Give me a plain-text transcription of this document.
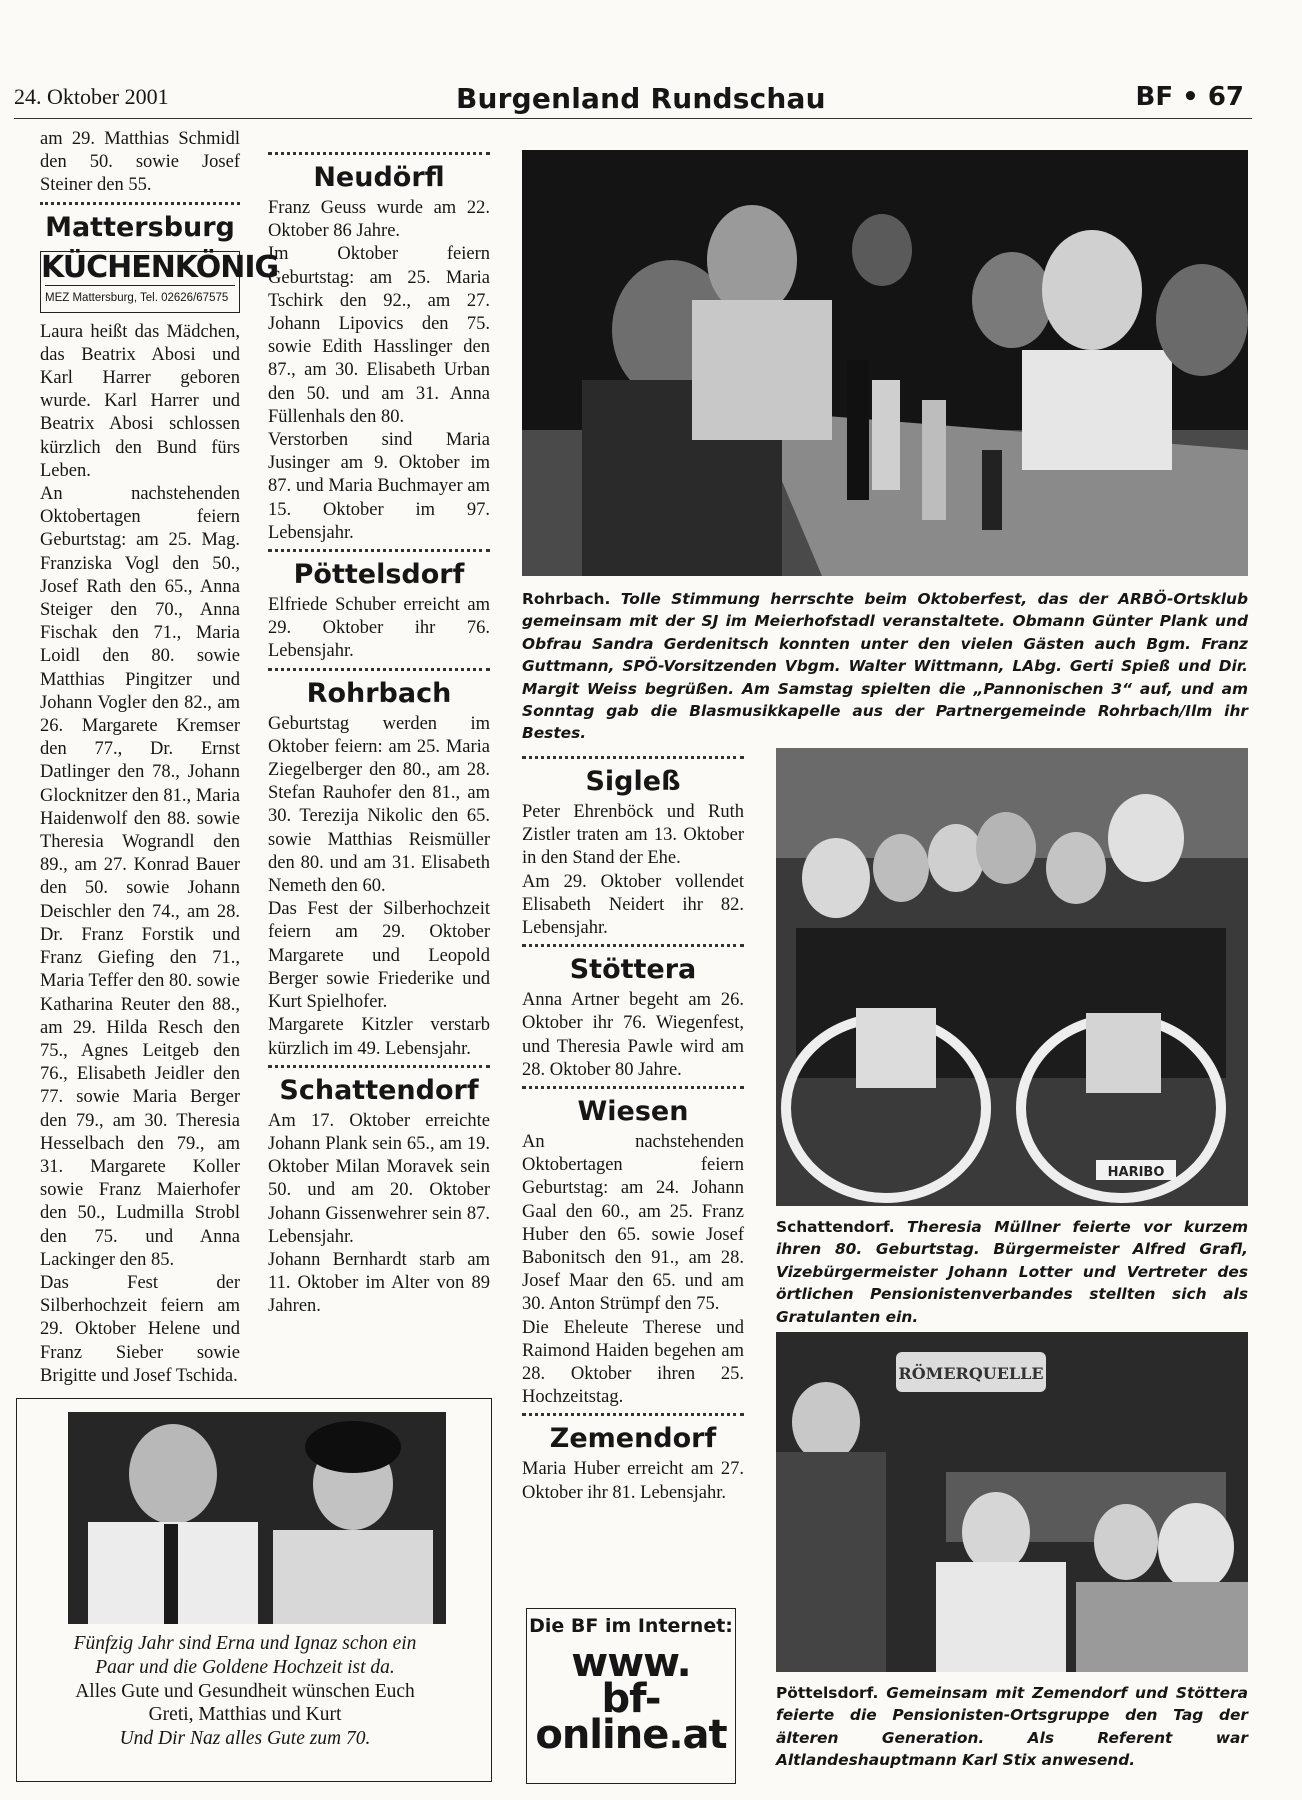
24. Oktober 2001	Burgenland Rundschau	BF • 67

am 29. Matthias Schmidl den 50. sowie Josef Steiner den 55.

Mattersburg
KÜCHENKÖNIG
MEZ Mattersburg, Tel. 02626/67575

Laura heißt das Mädchen, das Beatrix Abosi und Karl Harrer geboren wurde. Karl Harrer und Beatrix Abosi schlossen kürzlich den Bund fürs Leben.

An nachstehenden Oktobertagen feiern Geburtstag: am 25. Mag. Franziska Vogl den 50., Josef Rath den 65., Anna Steiger den 70., Anna Fischak den 71., Maria Loidl den 80. sowie Matthias Pingitzer und Johann Vogler den 82., am 26. Margarete Kremser den 77., Dr. Ernst Datlinger den 78., Johann Glocknitzer den 81., Maria Haidenwolf den 88. sowie Theresia Wograndl den 89., am 27. Konrad Bauer den 50. sowie Johann Deischler den 74., am 28. Dr. Franz Forstik und Franz Giefing den 71., Maria Teffer den 80. sowie Katharina Reuter den 88., am 29. Hilda Resch den 75., Agnes Leitgeb den 76., Elisabeth Jeidler den 77. sowie Maria Berger den 79., am 30. Theresia Hesselbach den 79., am 31. Margarete Koller sowie Franz Maierhofer den 50., Ludmilla Strobl den 75. und Anna Lackinger den 85.

Das Fest der Silberhochzeit feiern am 29. Oktober Helene und Franz Sieber sowie Brigitte und Josef Tschida.

Neudörfl

Franz Geuss wurde am 22. Oktober 86 Jahre.

Im Oktober feiern Geburtstag: am 25. Maria Tschirk den 92., am 27. Johann Lipovics den 75. sowie Edith Hasslinger den 87., am 30. Elisabeth Urban den 50. und am 31. Anna Füllenhals den 80.

Verstorben sind Maria Jusinger am 9. Oktober im 87. und Maria Buchmayer am 15. Oktober im 97. Lebensjahr.

Pöttelsdorf

Elfriede Schuber erreicht am 29. Oktober ihr 76. Lebensjahr.

Rohrbach

Geburtstag werden im Oktober feiern: am 25. Maria Ziegelberger den 80., am 28. Stefan Rauhofer den 81., am 30. Terezija Nikolic den 65. sowie Matthias Reismüller den 80. und am 31. Elisabeth Nemeth den 60.

Das Fest der Silberhochzeit feiern am 29. Oktober Margarete und Leopold Berger sowie Friederike und Kurt Spielhofer.

Margarete Kitzler verstarb kürzlich im 49. Lebensjahr.

Schattendorf

Am 17. Oktober erreichte Johann Plank sein 65., am 19. Oktober Milan Moravek sein 50. und am 20. Oktober Johann Gissenwehrer sein 87. Lebensjahr.

Johann Bernhardt starb am 11. Oktober im Alter von 89 Jahren.

Sigleß

Peter Ehrenböck und Ruth Zistler traten am 13. Oktober in den Stand der Ehe.

Am 29. Oktober vollendet Elisabeth Neidert ihr 82. Lebensjahr.

Stöttera

Anna Artner begeht am 26. Oktober ihr 76. Wiegenfest, und Theresia Pawle wird am 28. Oktober 80 Jahre.

Wiesen

An nachstehenden Oktobertagen feiern Geburtstag: am 24. Johann Gaal den 60., am 25. Franz Huber den 65. sowie Josef Babonitsch den 91., am 28. Josef Maar den 65. und am 30. Anton Strümpf den 75.

Die Eheleute Therese und Raimond Haiden begehen am 28. Oktober ihren 25. Hochzeitstag.

Zemendorf

Maria Huber erreicht am 27. Oktober ihr 81. Lebensjahr.

Rohrbach. Tolle Stimmung herrschte beim Oktoberfest, das der ARBÖ-Ortsklub gemeinsam mit der SJ im Meierhofstadl veranstaltete. Obmann Günter Plank und Obfrau Sandra Gerdenitsch konnten unter den vielen Gästen auch Bgm. Franz Guttmann, SPÖ-Vorsitzenden Vbgm. Walter Wittmann, LAbg. Gerti Spieß und Dir. Margit Weiss begrüßen. Am Samstag spielten die „Pannonischen 3“ auf, und am Sonntag gab die Blasmusikkapelle aus der Partnergemeinde Rohrbach/Ilm ihr Bestes.
HARIBO
Schattendorf. Theresia Müllner feierte vor kurzem ihren 80. Geburtstag. Bürgermeister Alfred Grafl, Vizebürgermeister Johann Lotter und Vertreter des örtlichen Pensionistenverbandes stellten sich als Gratulanten ein.
RÖMERQUELLE
Pöttelsdorf. Gemeinsam mit Zemendorf und Stöttera feierte die Pensionisten-Ortsgruppe den Tag der älteren Generation. Als Referent war Altlandeshauptmann Karl Stix anwesend.
Fünfzig Jahr sind Erna und Ignaz schon ein
Paar und die Goldene Hochzeit ist da.
Alles Gute und Gesundheit wünschen Euch
Greti, Matthias und Kurt
Und Dir Naz alles Gute zum 70.
Die BF im Internet:
www.
bf-
online.at
